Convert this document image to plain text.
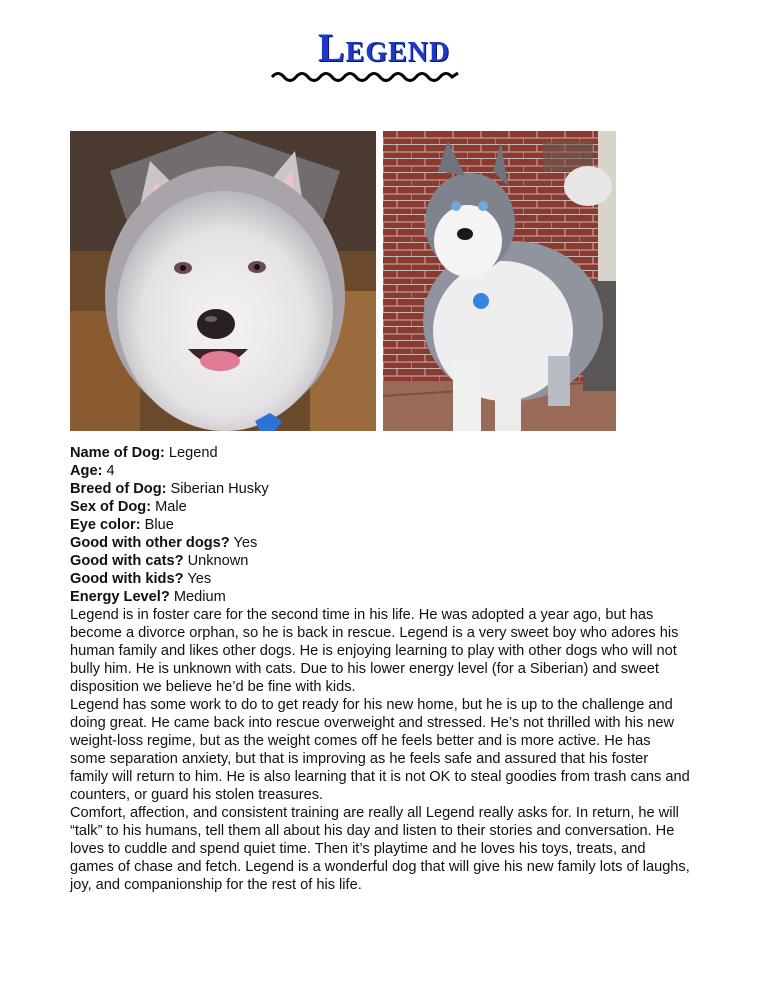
Legend
Name of Dog: Legend
Age: 4
Breed of Dog: Siberian Husky
Sex of Dog: Male
Eye color: Blue
Good with other dogs? Yes
Good with cats? Unknown
Good with kids? Yes
Energy Level? Medium

Legend is in foster care for the second time in his life. He was adopted a year ago, but has become a divorce orphan, so he is back in rescue. Legend is a very sweet boy who adores his human family and likes other dogs. He is enjoying learning to play with other dogs who will not bully him. He is unknown with cats. Due to his lower energy level (for a Siberian) and sweet disposition we believe he’d be fine with kids.

Legend has some work to do to get ready for his new home, but he is up to the challenge and doing great. He came back into rescue overweight and stressed. He’s not thrilled with his new weight-loss regime, but as the weight comes off he feels better and is more active. He has some separation anxiety, but that is improving as he feels safe and assured that his foster family will return to him. He is also learning that it is not OK to steal goodies from trash cans and counters, or guard his stolen treasures.

Comfort, affection, and consistent training are really all Legend really asks for. In return, he will “talk” to his humans, tell them all about his day and listen to their stories and conversation. He loves to cuddle and spend quiet time. Then it’s playtime and he loves his toys, treats, and games of chase and fetch. Legend is a wonderful dog that will give his new family lots of laughs, joy, and companionship for the rest of his life.
